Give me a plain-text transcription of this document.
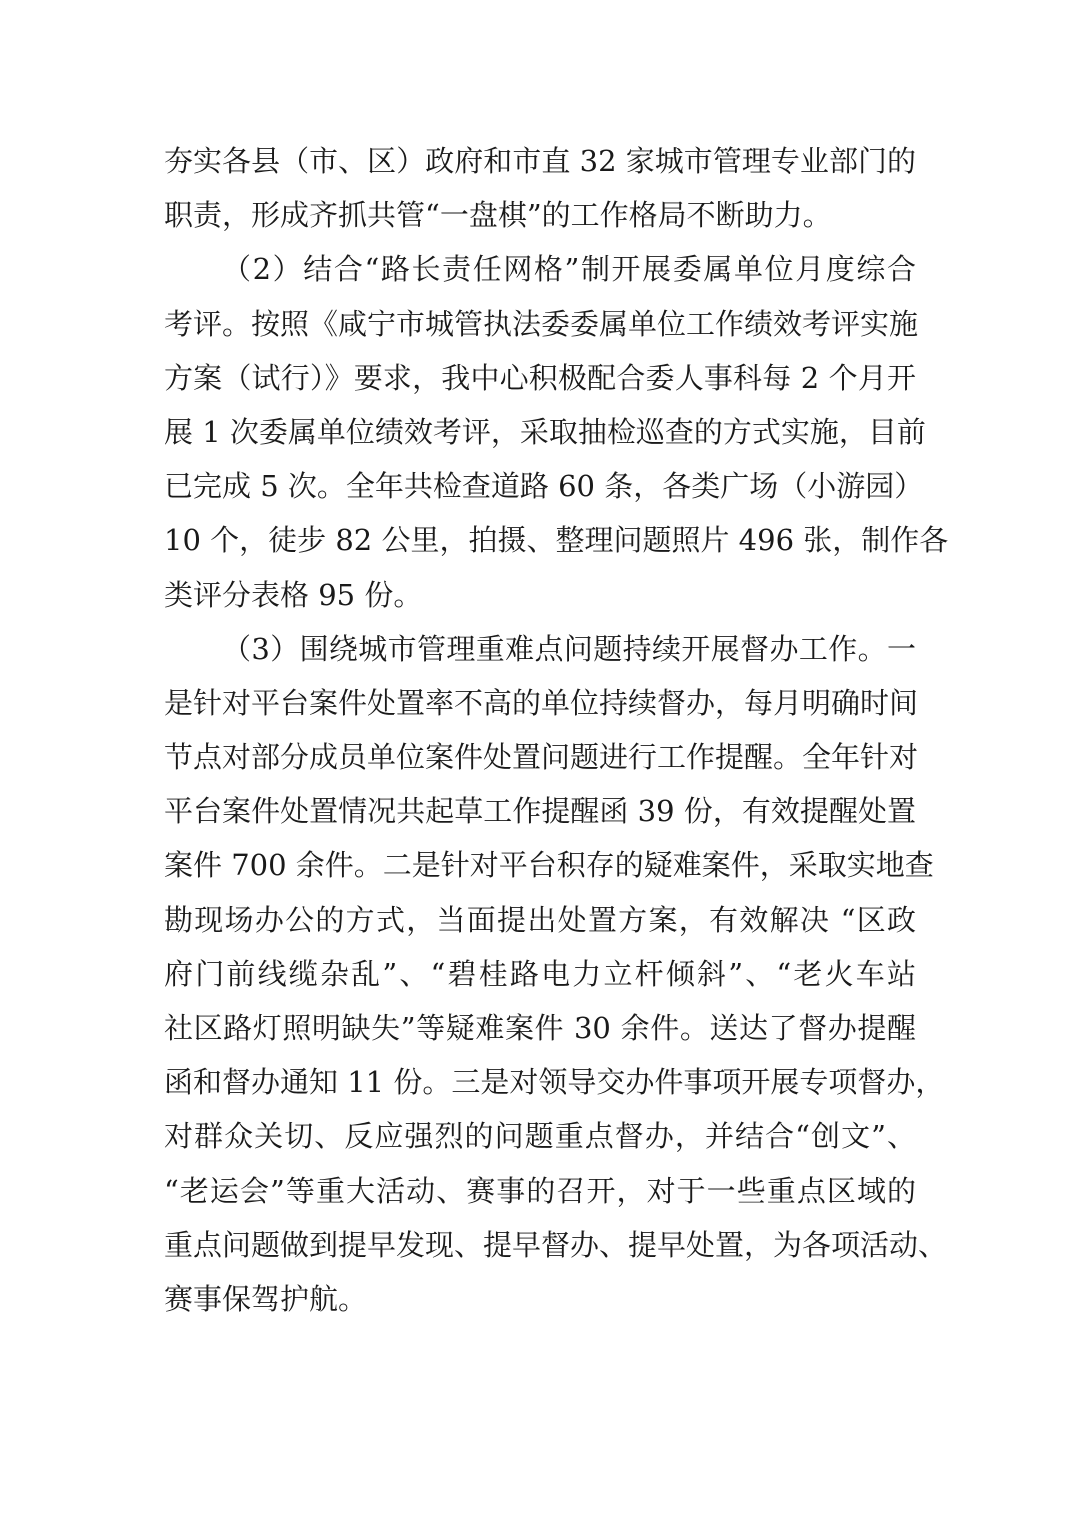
夯实各县（市、区）政府和市直 32 家城市管理专业部门的
职责，形成齐抓共管“一盘棋”的工作格局不断助力。
（2）结合“路长责任网格”制开展委属单位月度综合
考评。按照《咸宁市城管执法委委属单位工作绩效考评实施
方案（试行）》要求，我中心积极配合委人事科每 2 个月开
展 1 次委属单位绩效考评，采取抽检巡查的方式实施，目前
已完成 5 次。全年共检查道路 60 条，各类广场（小游园）
10 个，徒步 82 公里，拍摄、整理问题照片 496 张，制作各
类评分表格 95 份。
（3）围绕城市管理重难点问题持续开展督办工作。一
是针对平台案件处置率不高的单位持续督办，每月明确时间
节点对部分成员单位案件处置问题进行工作提醒。全年针对
平台案件处置情况共起草工作提醒函 39 份，有效提醒处置
案件 700 余件。二是针对平台积存的疑难案件，采取实地查
勘现场办公的方式，当面提出处置方案，有效解决 “区政
府门前线缆杂乱”、“碧桂路电力立杆倾斜”、“老火车站
社区路灯照明缺失”等疑难案件 30 余件。送达了督办提醒
函和督办通知 11 份。三是对领导交办件事项开展专项督办，
对群众关切、反应强烈的问题重点督办，并结合“创文”、
“老运会”等重大活动、赛事的召开，对于一些重点区域的
重点问题做到提早发现、提早督办、提早处置，为各项活动、
赛事保驾护航。
